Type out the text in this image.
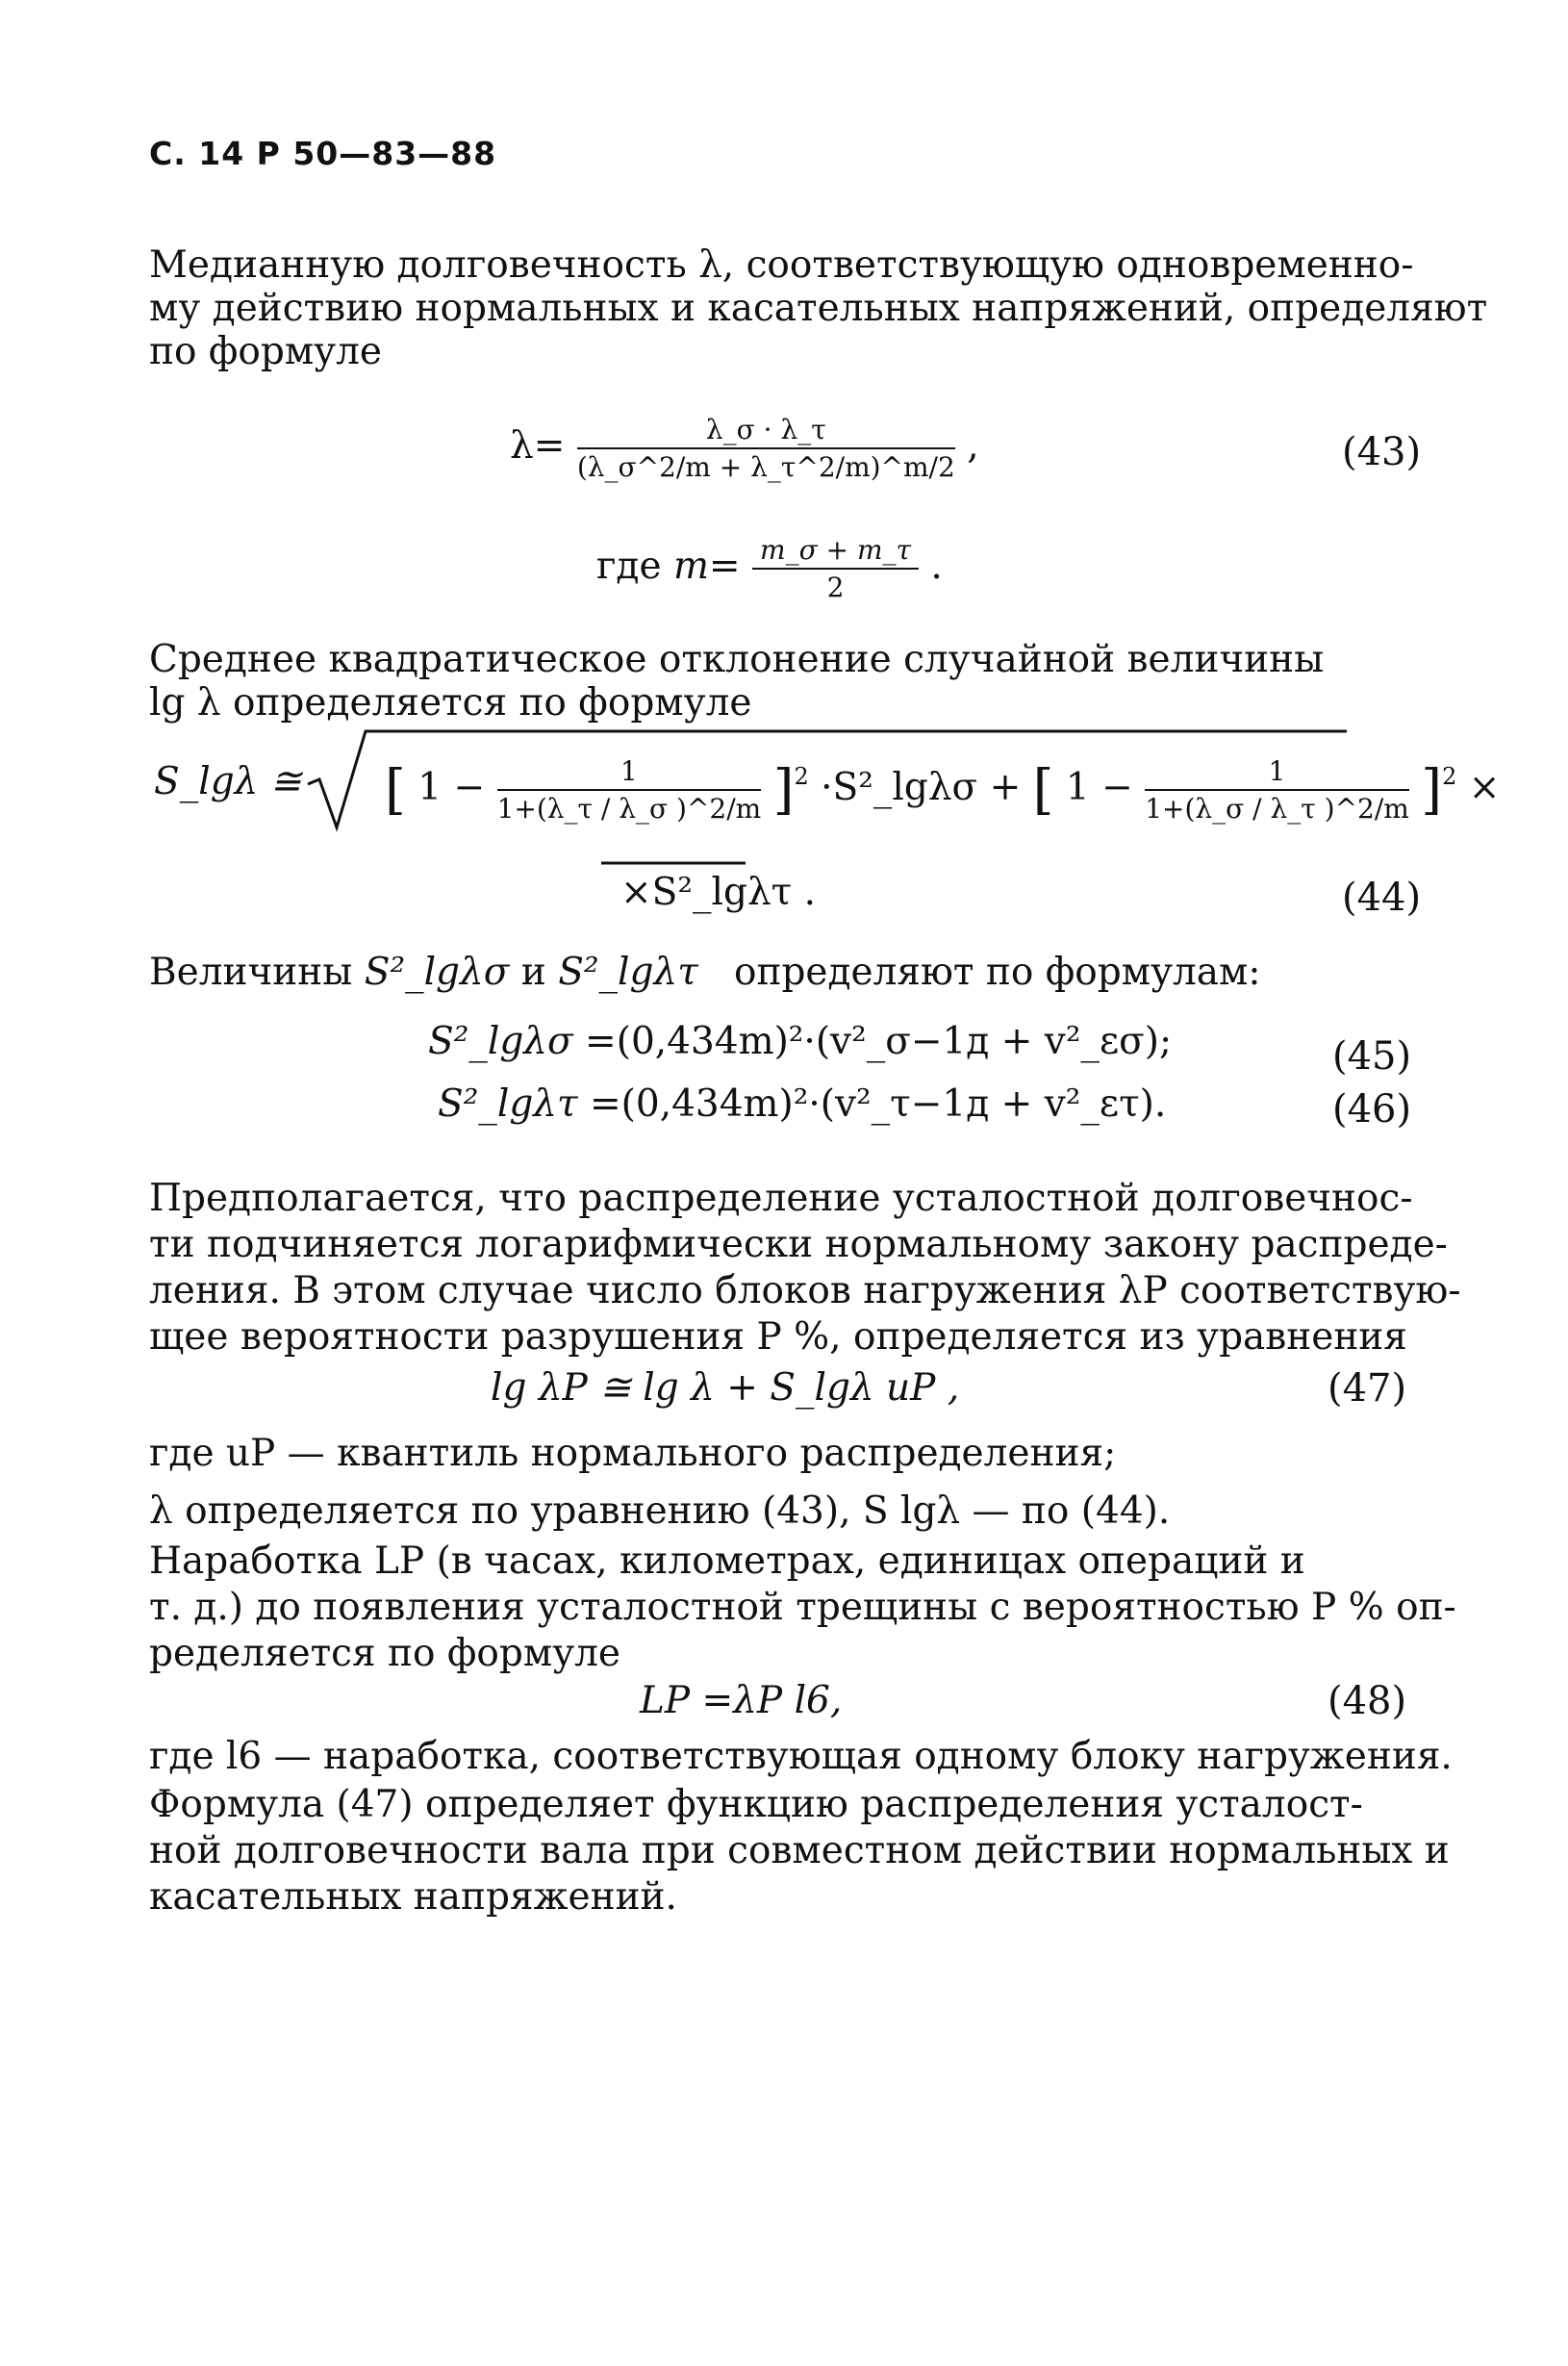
С. 14 Р 50—83—88
Медианную долговечность λ, соответствующую одновременно-
му действию нормальных и касательных напряжений, определяют
по формуле
$\lambda= \frac{\lambda\_\sigma \cdot \lambda\_\tau}{(\lambda\_\sigma\^{}2/m + \lambda\_\tau\^{}2/m)\^{}m/2}$ ,	(43)
где $m= \frac{m\_\sigma + m\_\tau}{2}$ .
Среднее квадратическое отклонение случайной величины
lg λ определяется по формуле
S_lgλ ≅ [ $1 - \frac{1}{1+(\lambda\_\tau / \lambda\_\sigma )\^{}2/m} ]^2$ ·S²_lgλσ + [ $1 - \frac{1}{1+(\lambda\_\sigma / \lambda\_\tau )\^{}2/m} ]^2$ ×
×S²_lgλτ .	(44)
Величины S²_lgλσ и S²_lgλτ определяют по формулам:
S²_lgλσ =(0,434m)²·(v²_σ−1д + v²_εσ);	(45)
S²_lgλτ =(0,434m)²·(v²_τ−1д + v²_ετ).	(46)
Предполагается, что распределение усталостной долговечнос-
ти подчиняется логарифмически нормальному закону распреде-
ления. В этом случае число блоков нагружения λP соответствую-
щее вероятности разрушения P %, определяется из уравнения
lg λP ≅ lg λ + S_lgλ uP ,	(47)
где uP — квантиль нормального распределения;
λ определяется по уравнению (43), S lgλ — по (44).
Наработка LP (в часах, километрах, единицах операций и
т. д.) до появления усталостной трещины с вероятностью P % оп-
ределяется по формуле
LP =λP l6,	(48)
где l6 — наработка, соответствующая одному блоку нагружения.
Формула (47) определяет функцию распределения усталост-
ной долговечности вала при совместном действии нормальных и
касательных напряжений.
